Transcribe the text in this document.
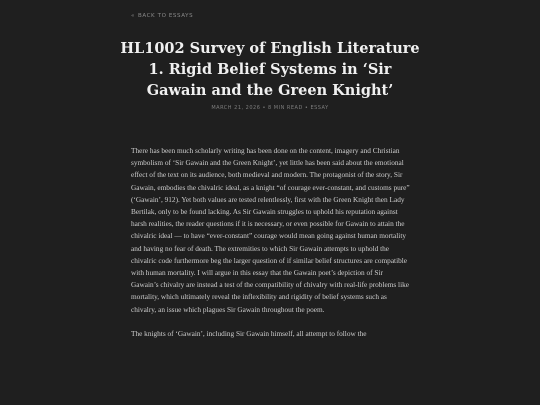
« BACK TO ESSAYS
HL1002 Survey of English Literature 1. Rigid Belief Systems in ‘Sir Gawain and the Green Knight’
MARCH 21, 2026 • 8 MIN READ • ESSAY

There has been much scholarly writing has been done on the content, imagery and Christian symbolism of ‘Sir Gawain and the Green Knight’, yet little has been said about the emotional effect of the text on its audience, both medieval and modern. The protagonist of the story, Sir Gawain, embodies the chivalric ideal, as a knight “of courage ever-constant, and customs pure” (‘Gawain’, 912). Yet both values are tested relentlessly, first with the Green Knight then Lady Bertilak, only to be found lacking. As Sir Gawain struggles to uphold his reputation against harsh realities, the reader questions if it is necessary, or even possible for Gawain to attain the chivalric ideal — to have “ever-constant” courage would mean going against human mortality and having no fear of death. The extremities to which Sir Gawain attempts to uphold the chivalric code furthermore beg the larger question of if similar belief structures are compatible with human mortality. I will argue in this essay that the Gawain poet’s depiction of Sir Gawain’s chivalry are instead a test of the compatibility of chivalry with real-life problems like mortality, which ultimately reveal the inflexibility and rigidity of belief systems such as chivalry, an issue which plagues Sir Gawain throughout the poem.

The knights of ‘Gawain’, including Sir Gawain himself, all attempt to follow the
